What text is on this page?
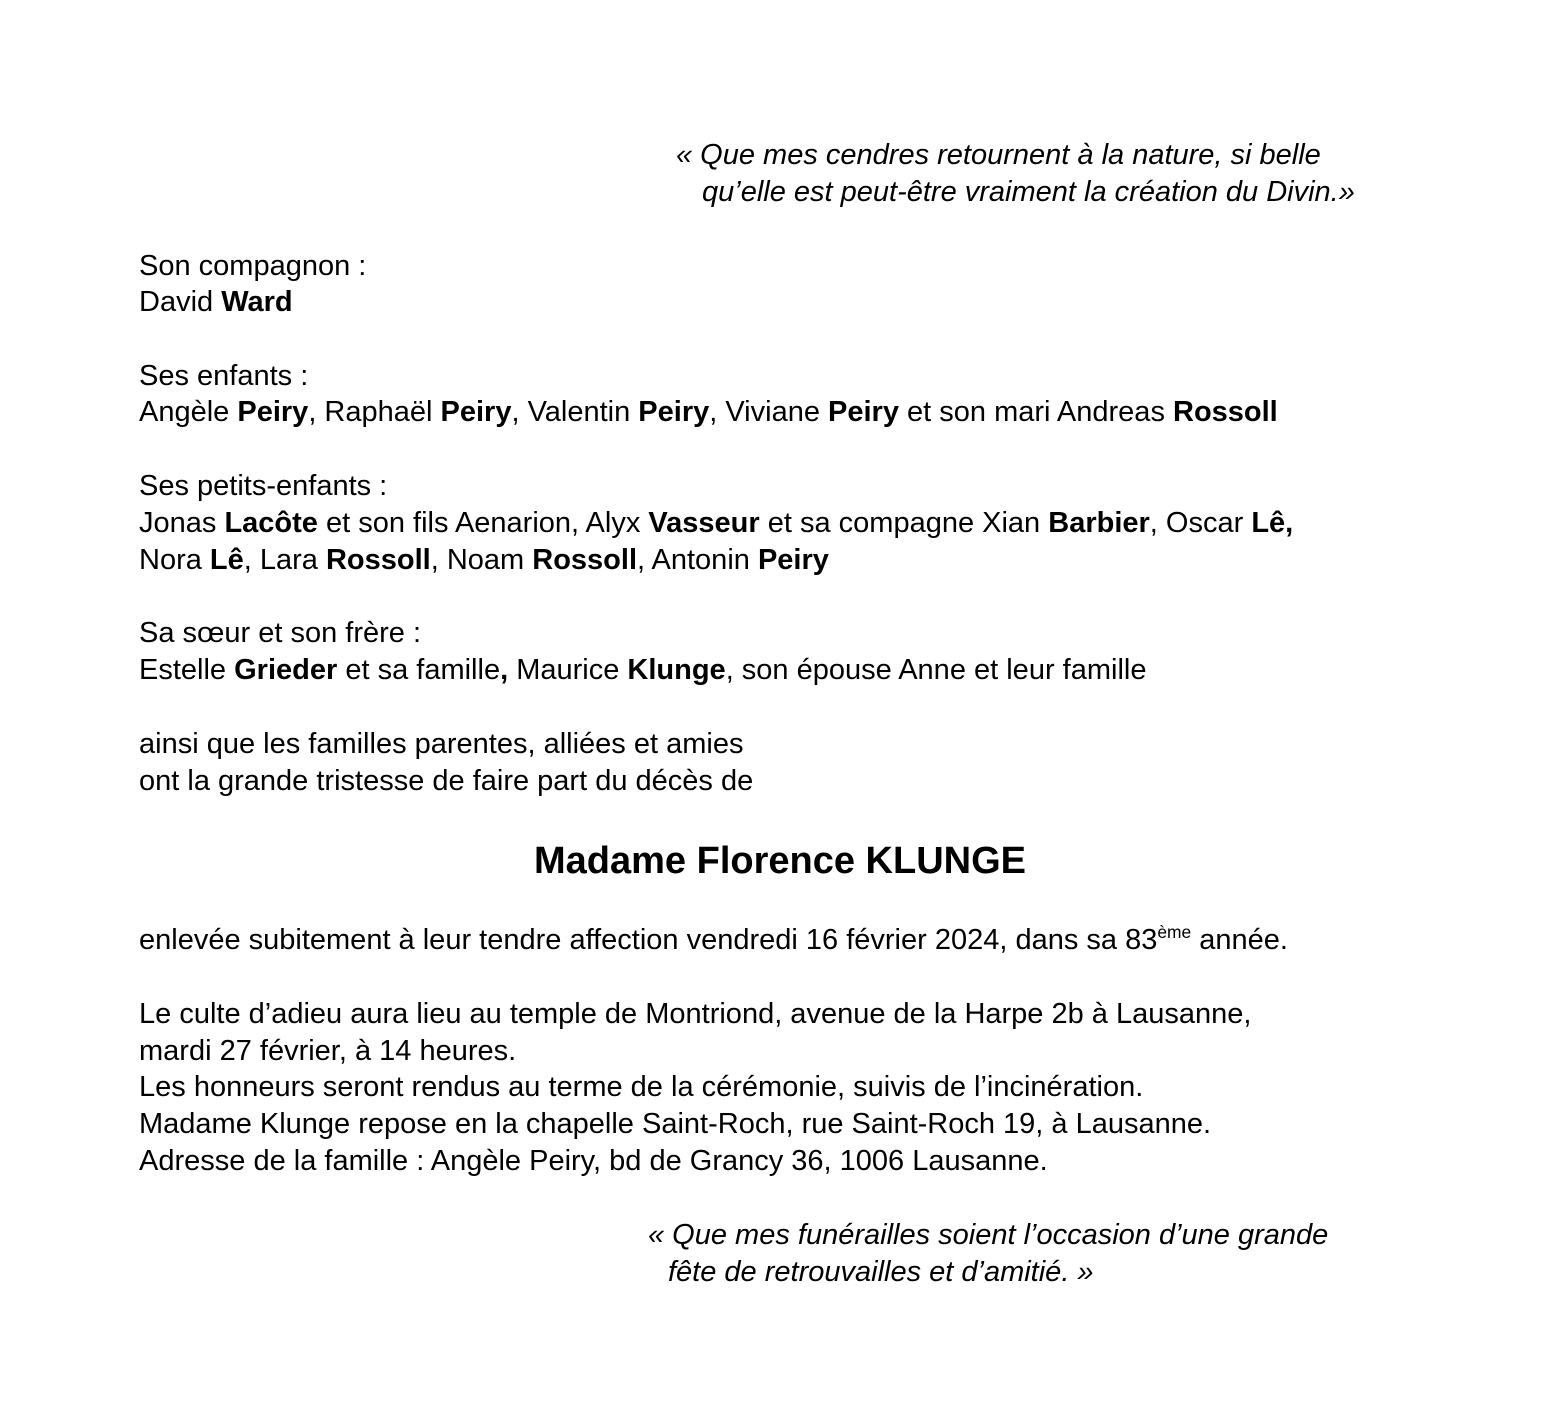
« Que mes cendres retournent à la nature, si belle
qu’elle est peut-être vraiment la création du Divin.»
Son compagnon :
David Ward
Ses enfants :
Angèle Peiry, Raphaël Peiry, Valentin Peiry, Viviane Peiry et son mari Andreas Rossoll
Ses petits-enfants :
Jonas Lacôte et son fils Aenarion, Alyx Vasseur et sa compagne Xian Barbier, Oscar Lê,
Nora Lê, Lara Rossoll, Noam Rossoll, Antonin Peiry
Sa sœur et son frère :
Estelle Grieder et sa famille, Maurice Klunge, son épouse Anne et leur famille
ainsi que les familles parentes, alliées et amies
ont la grande tristesse de faire part du décès de
Madame Florence KLUNGE
enlevée subitement à leur tendre affection vendredi 16 février 2024, dans sa 83ème année.
Le culte d’adieu aura lieu au temple de Montriond, avenue de la Harpe 2b à Lausanne,
mardi 27 février, à 14 heures.
Les honneurs seront rendus au terme de la cérémonie, suivis de l’incinération.
Madame Klunge repose en la chapelle Saint-Roch, rue Saint-Roch 19, à Lausanne.
Adresse de la famille : Angèle Peiry, bd de Grancy 36, 1006 Lausanne.
« Que mes funérailles soient l’occasion d’une grande
fête de retrouvailles et d’amitié. »
